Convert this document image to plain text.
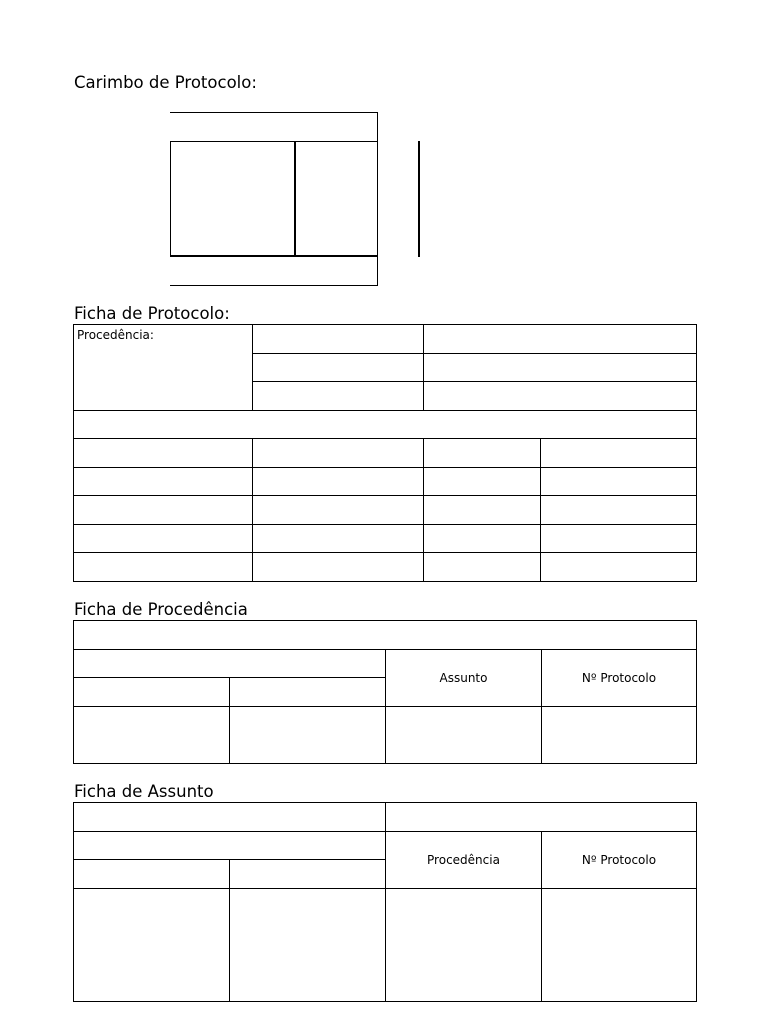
Carimbo de Protocolo:
Ficha de Protocolo:
Procedência:			

Ficha de Procedência

		Assunto	Nº Protocolo

Ficha de Assunto

		Procedência	Nº Protocolo
